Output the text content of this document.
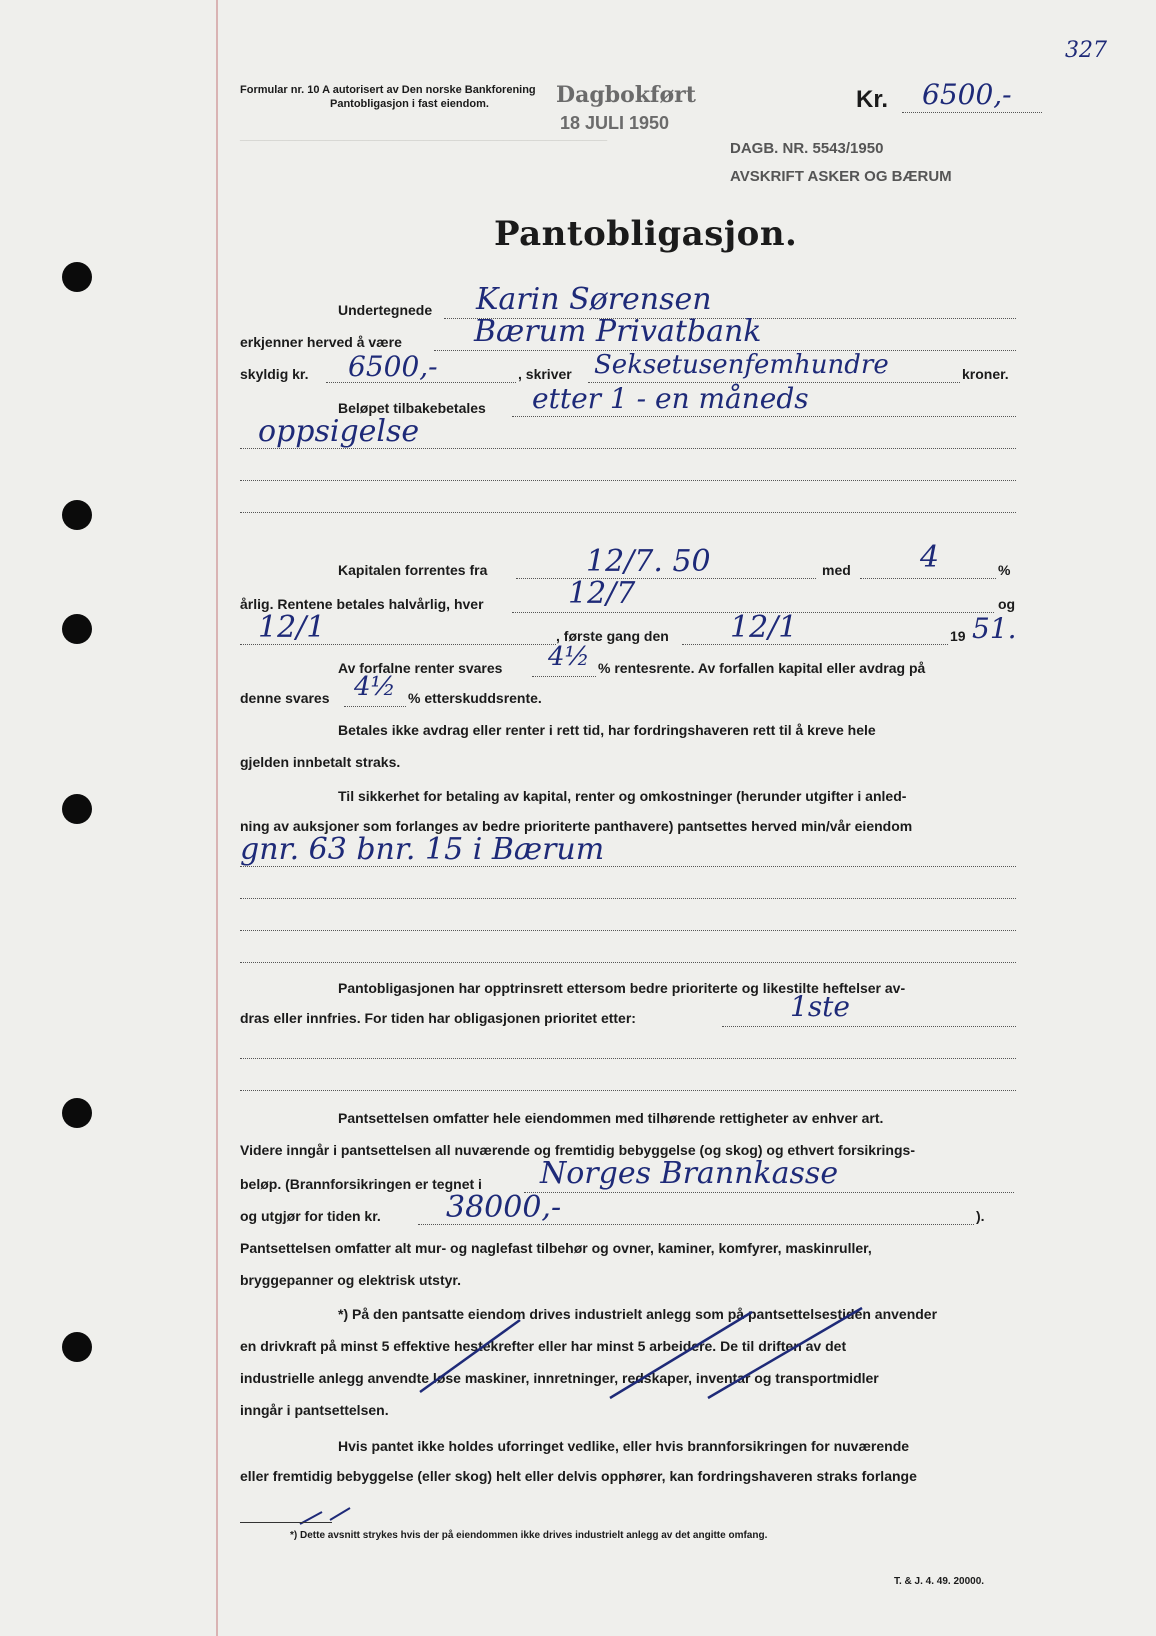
____________________________________________________________
327
Formular nr. 10 A autorisert av Den norske Bankforening
Pantobligasjon i fast eiendom.	Dagbokført
18 JULI 1950
Kr. 6500,-
DAGB. NR. 5543/1950
AVSKRIFT ASKER OG BÆRUM
Pantobligasjon.
Undertegnede Karin Sørensen
erkjenner herved å være Bærum Privatbank
skyldig kr. 6500,-	, skriver Seksetusenfemhundre	kroner.
Beløpet tilbakebetales etter 1 - en måneds
oppsigelse
Kapitalen forrentes fra	12/7. 50	med 4	%
årlig. Rentene betales halvårlig, hver	12/7	og
12/1	, første gang den 12/1	19 51.
Av forfalne renter svares 4½ % rentesrente. Av forfallen kapital eller avdrag på
denne svares 4½ % etterskuddsrente.
Betales ikke avdrag eller renter i rett tid, har fordringshaveren rett til å kreve hele
gjelden innbetalt straks.
Til sikkerhet for betaling av kapital, renter og omkostninger (herunder utgifter i anled-
ning av auksjoner som forlanges av bedre prioriterte panthavere) pantsettes herved min/vår eiendom
gnr. 63 bnr. 15 i Bærum
Pantobligasjonen har opptrinsrett ettersom bedre prioriterte og likestilte heftelser av-
dras eller innfries. For tiden har obligasjonen prioritet etter:	1ste
Pantsettelsen omfatter hele eiendommen med tilhørende rettigheter av enhver art.
Videre inngår i pantsettelsen all nuværende og fremtidig bebyggelse (og skog) og ethvert forsikrings-
beløp. (Brannforsikringen er tegnet i Norges Brannkasse
og utgjør for tiden kr. 38000,-	).
Pantsettelsen omfatter alt mur- og naglefast tilbehør og ovner, kaminer, komfyrer, maskinruller,
bryggepanner og elektrisk utstyr.
*) På den pantsatte eiendom drives industrielt anlegg som på pantsettelsestiden anvender
en drivkraft på minst 5 effektive hestekrefter eller har minst 5 arbeidere. De til driften av det
industrielle anlegg anvendte løse maskiner, innretninger, redskaper, inventar og transportmidler
inngår i pantsettelsen.
Hvis pantet ikke holdes uforringet vedlike, eller hvis brannforsikringen for nuværende
eller fremtidig bebyggelse (eller skog) helt eller delvis opphører, kan fordringshaveren straks forlange
*) Dette avsnitt strykes hvis der på eiendommen ikke drives industrielt anlegg av det angitte omfang.
T. & J. 4. 49. 20000.
